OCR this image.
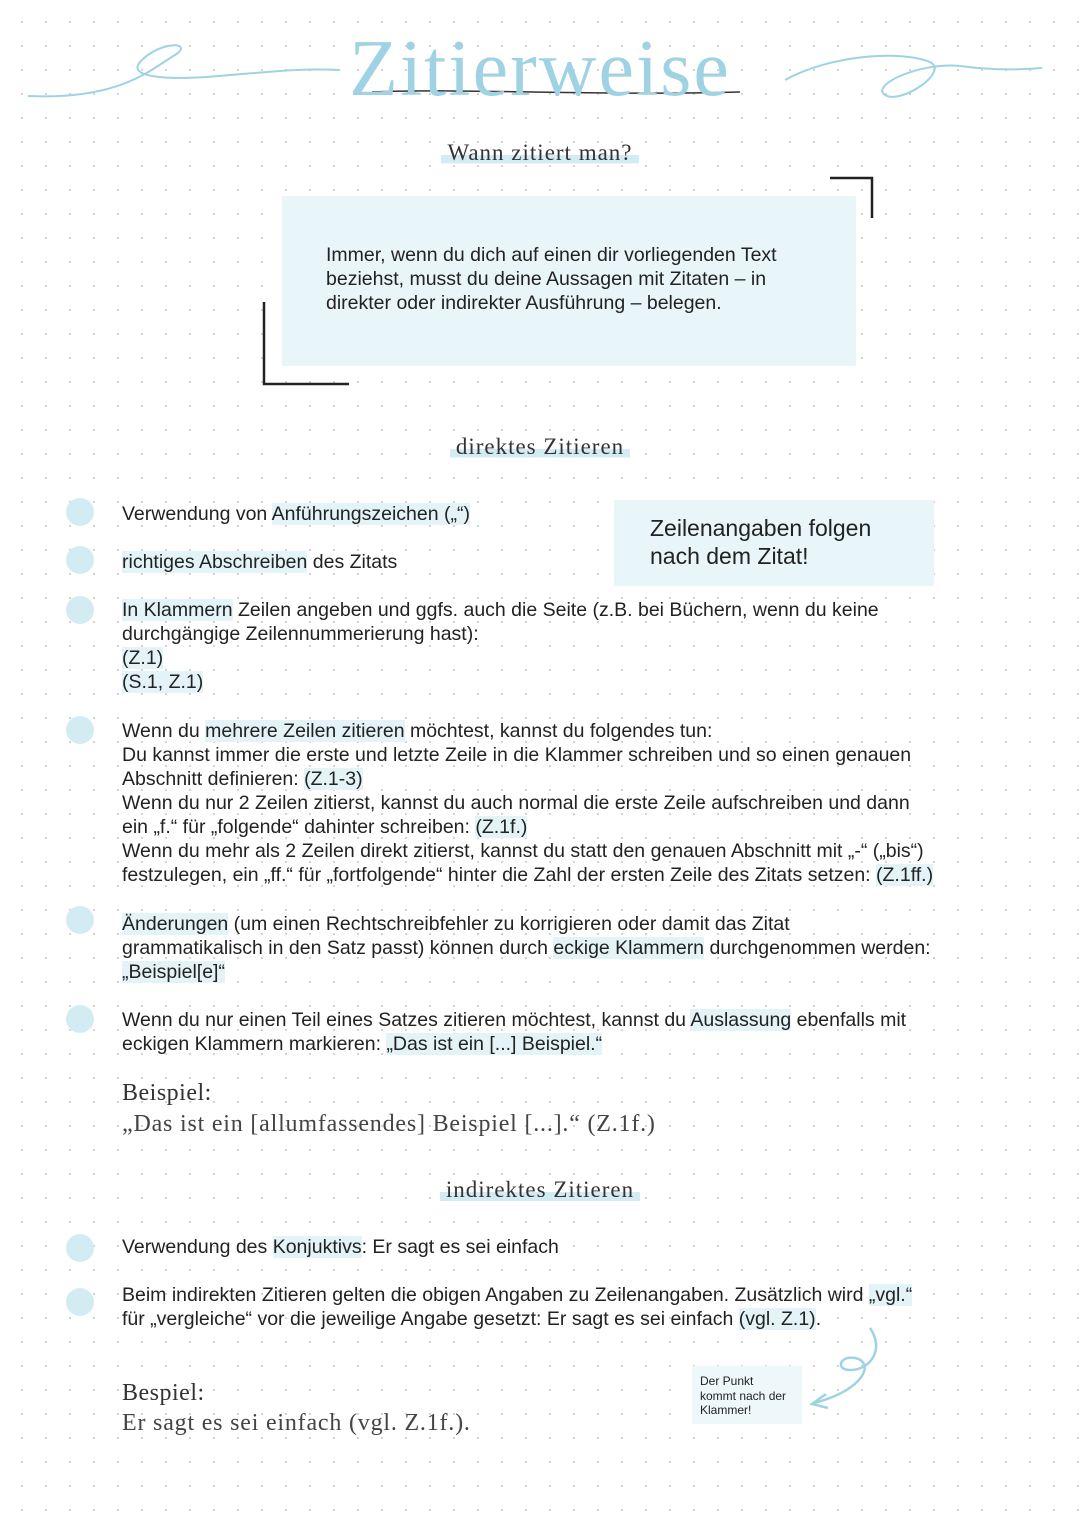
Zitierweise
Wann zitiert man?

Immer, wenn du dich auf einen dir vorliegenden Text beziehst, musst du deine Aussagen mit Zitaten – in direkter oder indirekter Ausführung – belegen.

direktes Zitieren

Zeilenangaben folgen
nach dem Zitat!

Verwendung von Anführungszeichen („“)
richtiges Abschreiben des Zitats

In Klammern Zeilen angeben und ggfs. auch die Seite (z.B. bei Büchern, wenn du keine

durchgängige Zeilennummerierung hast):

(Z.1)

(S.1, Z.1)

Wenn du mehrere Zeilen zitieren möchtest, kannst du folgendes tun:

Du kannst immer die erste und letzte Zeile in die Klammer schreiben und so einen genauen

Abschnitt definieren: (Z.1-3)

Wenn du nur 2 Zeilen zitierst, kannst du auch normal die erste Zeile aufschreiben und dann

ein „f.“ für „folgende“ dahinter schreiben: (Z.1f.)

Wenn du mehr als 2 Zeilen direkt zitierst, kannst du statt den genauen Abschnitt mit „-“ („bis“)

festzulegen, ein „ff.“ für „fortfolgende“ hinter die Zahl der ersten Zeile des Zitats setzen: (Z.1ff.)

Änderungen (um einen Rechtschreibfehler zu korrigieren oder damit das Zitat

grammatikalisch in den Satz passt) können durch eckige Klammern durchgenommen werden:

„Beispiel[e]“

Wenn du nur einen Teil eines Satzes zitieren möchtest, kannst du Auslassung ebenfalls mit

eckigen Klammern markieren: „Das ist ein [...] Beispiel.“

Beispiel:
„Das ist ein [allumfassendes] Beispiel [...].“ (Z.1f.)
indirektes Zitieren
Verwendung des Konjuktivs: Er sagt es sei einfach

Beim indirekten Zitieren gelten die obigen Angaben zu Zeilenangaben. Zusätzlich wird „vgl.“

für „vergleiche“ vor die jeweilige Angabe gesetzt: Er sagt es sei einfach (vgl. Z.1).

Der Punkt
kommt nach der
Klammer!
Bespiel:
Er sagt es sei einfach (vgl. Z.1f.).
